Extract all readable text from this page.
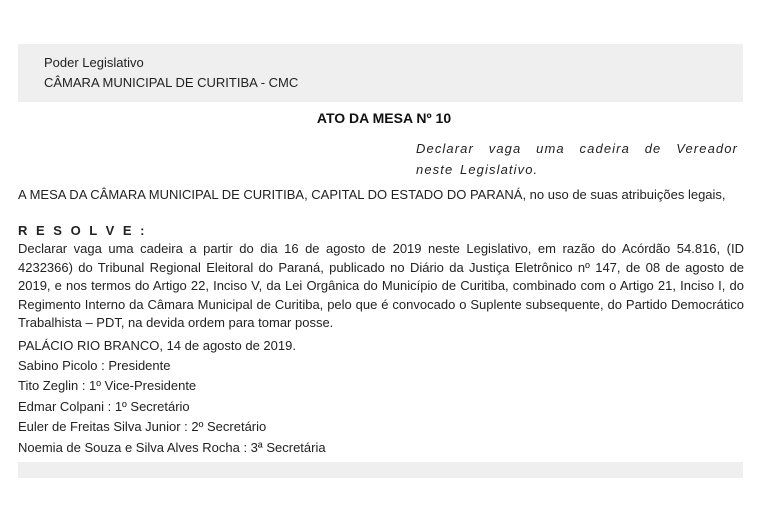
Poder Legislativo
CÂMARA MUNICIPAL DE CURITIBA - CMC
ATO DA MESA Nº 10
Declarar vaga uma cadeira de Vereador neste Legislativo.
A MESA DA CÂMARA MUNICIPAL DE CURITIBA, CAPITAL DO ESTADO DO PARANÁ, no uso de suas atribuições legais,
R E S O L V E :
Declarar vaga uma cadeira a partir do dia 16 de agosto de 2019 neste Legislativo, em razão do Acórdão 54.816, (ID 4232366) do Tribunal Regional Eleitoral do Paraná, publicado no Diário da Justiça Eletrônico nº 147, de 08 de agosto de 2019, e nos termos do Artigo 22, Inciso V, da Lei Orgânica do Município de Curitiba, combinado com o Artigo 21, Inciso I, do Regimento Interno da Câmara Municipal de Curitiba, pelo que é convocado o Suplente subsequente, do Partido Democrático Trabalhista – PDT, na devida ordem para tomar posse.
PALÁCIO RIO BRANCO, 14 de agosto de 2019.
Sabino Picolo : Presidente
Tito Zeglin : 1º Vice-Presidente
Edmar Colpani : 1º Secretário
Euler de Freitas Silva Junior : 2º Secretário
Noemia de Souza e Silva Alves Rocha : 3ª Secretária
